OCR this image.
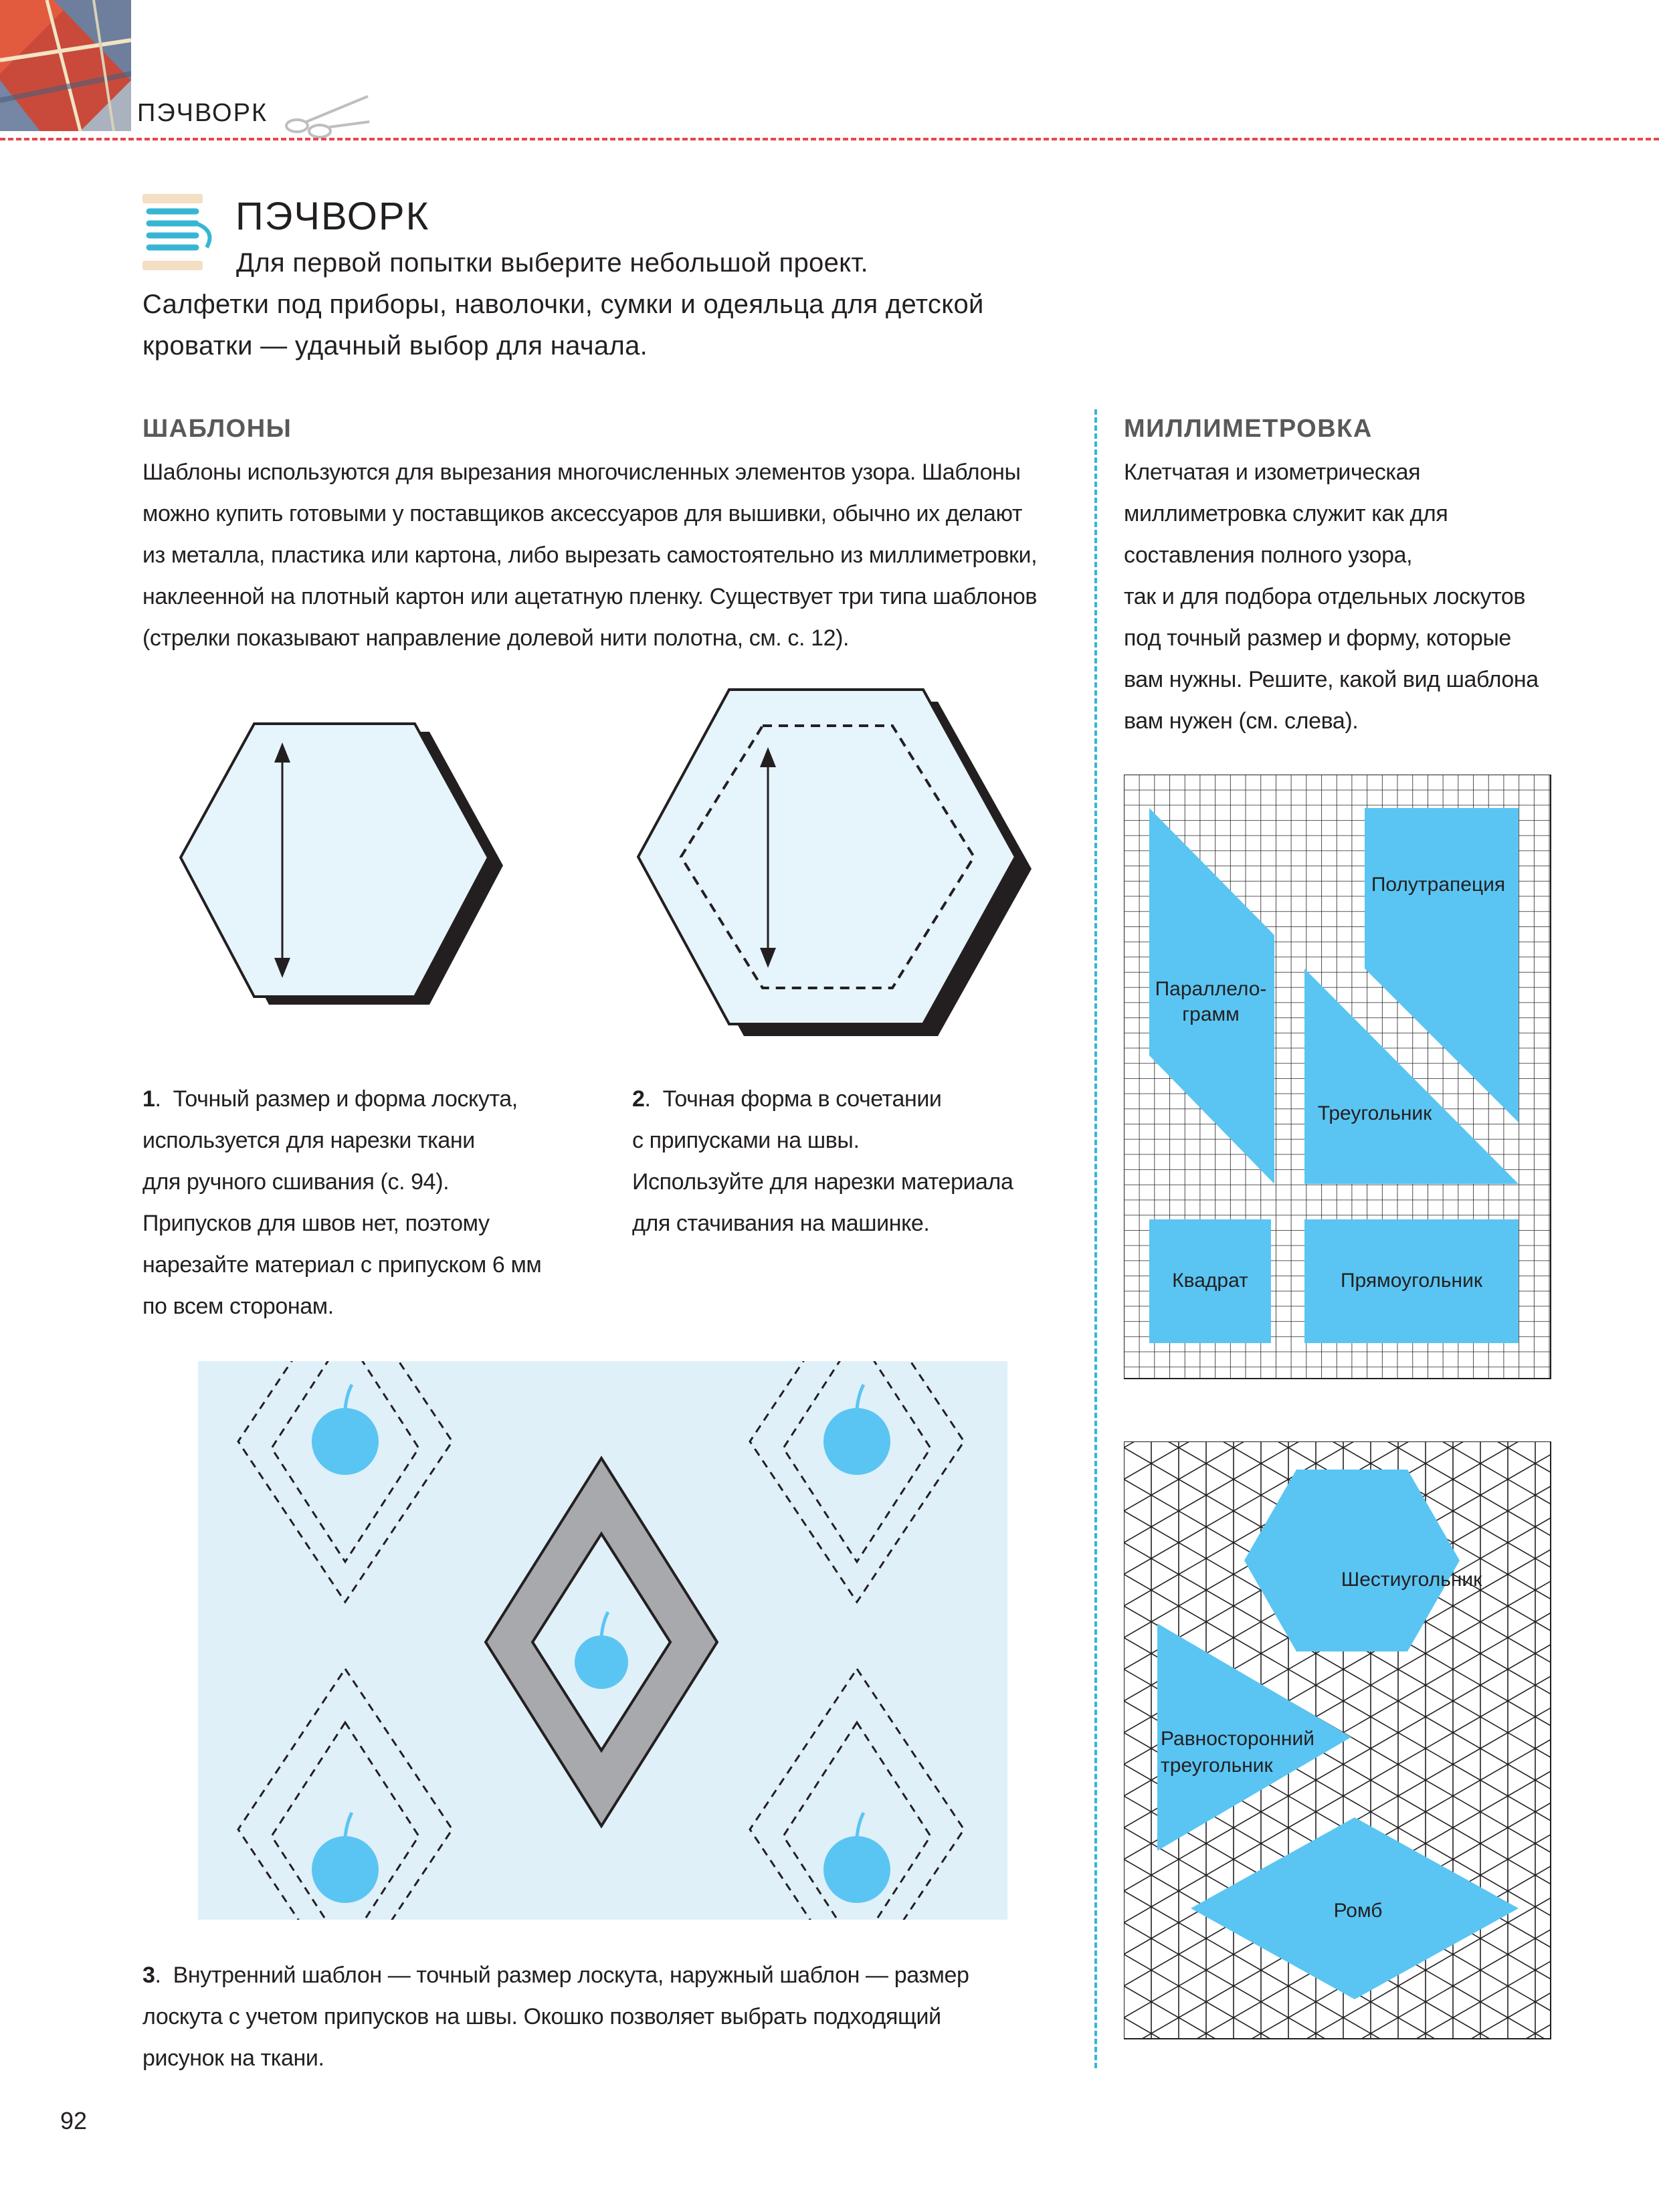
ПЭЧВОРК
ПЭЧВОРК
Для первой попытки выберите небольшой проект.
Салфетки под приборы, наволочки, сумки и одеяльца для детской
кроватки — удачный выбор для начала.
ШАБЛОНЫ
Шаблоны используются для вырезания многочисленных элементов узора. Шаблоны
можно купить готовыми у поставщиков аксессуаров для вышивки, обычно их делают
из металла, пластика или картона, либо вырезать самостоятельно из миллиметровки,
наклеенной на плотный картон или ацетатную пленку. Существует три типа шаблонов
(стрелки показывают направление долевой нити полотна, см. с. 12).
1.  Точный размер и форма лоскута,
используется для нарезки ткани
для ручного сшивания (с. 94).
Припусков для швов нет, поэтому
нарезайте материал с припуском 6 мм
по всем сторонам.
2.  Точная форма в сочетании
с припусками на швы.
Используйте для нарезки материала
для стачивания на машинке.
3.  Внутренний шаблон — точный размер лоскута, наружный шаблон — размер
лоскута с учетом припусков на швы. Окошко позволяет выбрать подходящий
рисунок на ткани.
МИЛЛИМЕТРОВКА
Клетчатая и изометрическая
миллиметровка служит как для
составления полного узора,
так и для подбора отдельных лоскутов
под точный размер и форму, которые
вам нужны. Решите, какой вид шаблона
вам нужен (см. слева).
Полутрапеция
Параллело-
грамм
Треугольник
Квадрат	Прямоугольник
Шестиугольник
Равносторонний
треугольник
Ромб
92
